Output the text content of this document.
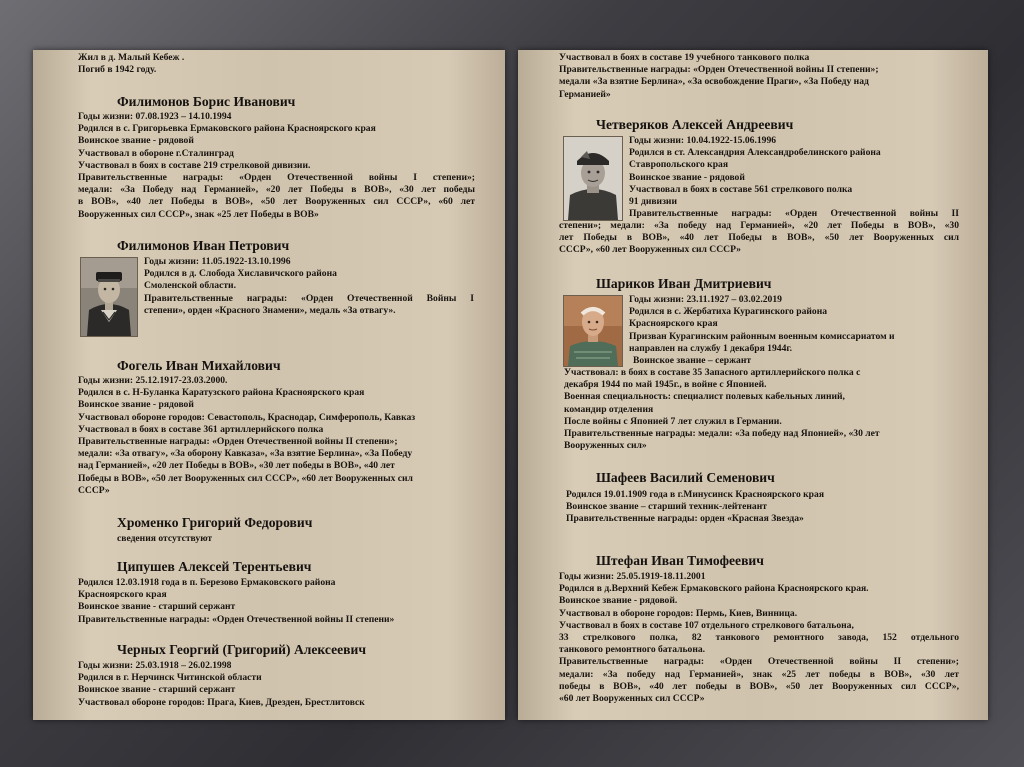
Жил в д. Малый Кебеж .
Погиб в 1942 году.
Филимонов Борис Иванович
Годы жизни: 07.08.1923 – 14.10.1994
Родился в с. Григорьевка Ермаковского района Красноярского края
Воинское звание - рядовой
Участвовал в обороне г.Сталинград
Участвовал в боях в составе 219 стрелковой дивизии.
Правительственные награды: «Орден Отечественной войны I степени»;
медали: «За Победу над Германией», «20 лет Победы в ВОВ», «30 лет победы
в ВОВ», «40 лет Победы в ВОВ», «50 лет Вооруженных сил СССР», «60 лет
Вооруженных сил СССР», знак «25 лет Победы в ВОВ»
Филимонов Иван Петрович
Годы жизни: 11.05.1922-13.10.1996
Родился в д. Слобода Хиславичского района
Смоленской области.
Правительственные награды: «Орден Отечественной Войны I
степени», орден «Красного Знамени», медаль «За отвагу».
Фогель Иван Михайлович
Годы жизни: 25.12.1917-23.03.2000.
Родился в с. Н-Буланка Каратузского района Красноярского края
Воинское звание - рядовой
Участвовал обороне городов: Севастополь, Краснодар, Симферополь, Кавказ
Участвовал в боях в составе 361 артиллерийского полка
Правительственные награды: «Орден Отечественной войны II степени»;
медали: «За отвагу», «За оборону Кавказа», «За взятие Берлина», «За Победу
над Германией», «20 лет Победы в ВОВ», «30 лет победы в ВОВ», «40 лет
Победы в ВОВ», «50 лет Вооруженных сил СССР», «60 лет Вооруженных сил
СССР»
Хроменко Григорий Федорович
сведения отсутствуют
Ципушев Алексей Терентьевич
Родился 12.03.1918 года в п. Березово Ермаковского района
Красноярского края
Воинское звание - старший сержант
Правительственные награды: «Орден Отечественной войны II степени»
Черных Георгий (Григорий) Алексеевич
Годы жизни: 25.03.1918 – 26.02.1998
Родился в г. Нерчинск Читинской области
Воинское звание - старший сержант
Участвовал обороне городов: Прага, Киев, Дрезден, Брестлитовск
Участвовал в боях в составе 19 учебного танкового полка
Правительственные награды: «Орден Отечественной войны II степени»;
медали «За взятие Берлина», «За освобождение Праги», «За Победу над
Германией»
Четверяков Алексей Андреевич
Годы жизни: 10.04.1922-15.06.1996
Родился в ст. Александрия Александробелинского района
Ставропольского края
Воинское звание - рядовой
Участвовал в боях в составе 561 стрелкового полка
91 дивизии
Правительственные награды: «Орден Отечественной войны II
степени»; медали: «За победу над Германией», «20 лет Победы в ВОВ», «30
лет Победы в ВОВ», «40 лет Победы в ВОВ», «50 лет Вооруженных сил
СССР», «60 лет Вооруженных сил СССР»
Шариков Иван Дмитриевич
Годы жизни: 23.11.1927 – 03.02.2019
Родился в с. Жербатиха Курагинского района
Красноярского края
Призван Курагинским районным военным комиссариатом и
направлен на службу 1 декабря 1944г.
Воинское звание – сержант
Участвовал: в боях в составе 35 Запасного артиллерийского полка с
декабря 1944 по май 1945г., в войне с Японией.
Военная специальность: специалист полевых кабельных линий,
командир отделения
После войны с Японией 7 лет служил в Германии.
Правительственные награды: медали: «За победу над Японией», «30 лет
Вооруженных сил»
Шафеев Василий Семенович
Родился 19.01.1909 года в г.Минусинск Красноярского края
Воинское звание – старший техник-лейтенант
Правительственные награды: орден «Красная Звезда»
Штефан Иван Тимофеевич
Годы жизни: 25.05.1919-18.11.2001
Родился в д.Верхний Кебеж Ермаковского района Красноярского края.
Воинское звание - рядовой.
Участвовал в обороне городов: Пермь, Киев, Винница.
Участвовал в боях в составе 107 отдельного стрелкового батальона,
33 стрелкового полка, 82 танкового ремонтного завода, 152 отдельного
танкового ремонтного батальона.
Правительственные награды: «Орден Отечественной войны II степени»;
медали: «За победу над Германией», знак «25 лет победы в ВОВ», «30 лет
победы в ВОВ», «40 лет победы в ВОВ», «50 лет Вооруженных сил СССР»,
«60 лет Вооруженных сил СССР»
